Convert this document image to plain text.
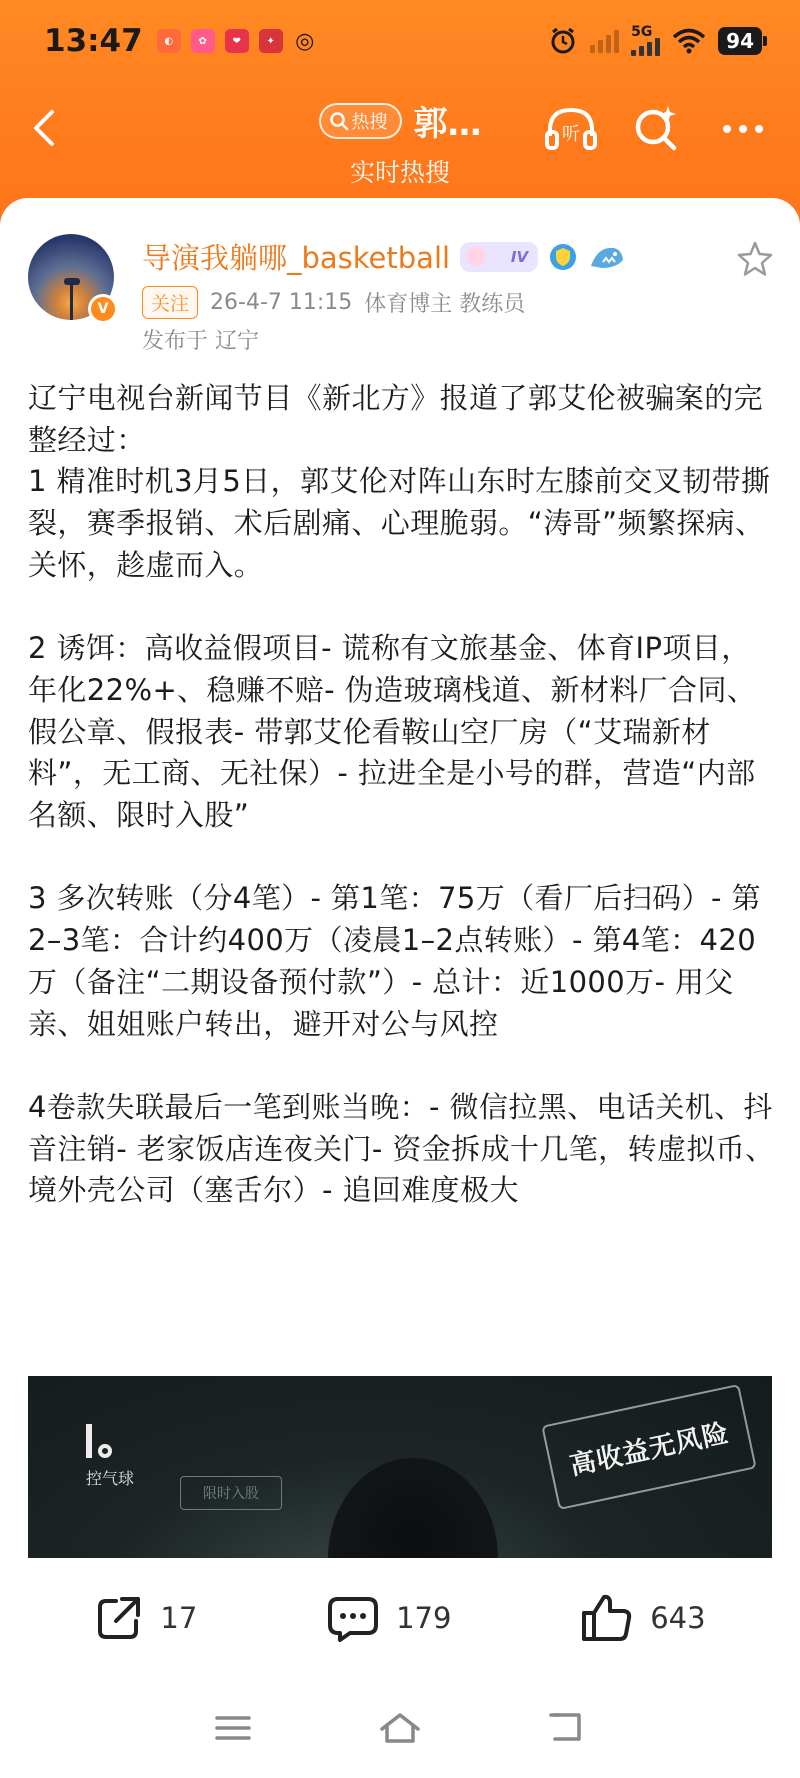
13:47	◐	✿	❤	✦ ◎	5G	94
热搜 郭…
实时热搜
听
V
导演我躺哪_basketball	IV
关注 26-4-7 11:15 体育博主 教练员
发布于 辽宁

辽宁电视台新闻节目《新北方》报道了郭艾伦被骗案的完整经过：

1 精准时机3月5日，郭艾伦对阵山东时左膝前交叉韧带撕裂，赛季报销、术后剧痛、心理脆弱。“涛哥”频繁探病、关怀，趁虚而入。

2 诱饵：高收益假项目- 谎称有文旅基金、体育IP项目，年化22%+、稳赚不赔- 伪造玻璃栈道、新材料厂合同、假公章、假报表- 带郭艾伦看鞍山空厂房（“艾瑞新材料”，无工商、无社保）- 拉进全是小号的群，营造“内部名额、限时入股”

3 多次转账（分4笔）- 第1笔：75万（看厂后扫码）- 第2–3笔：合计约400万（凌晨1–2点转账）- 第4笔：420万（备注“二期设备预付款”）- 总计：近1000万- 用父亲、姐姐账户转出，避开对公与风控

4卷款失联最后一笔到账当晚：- 微信拉黑、电话关机、抖音注销- 老家饭店连夜关门- 资金拆成十几笔，转虚拟币、境外壳公司（塞舌尔）- 追回难度极大

控气球
限时入股
高收益无风险
17	179	643
